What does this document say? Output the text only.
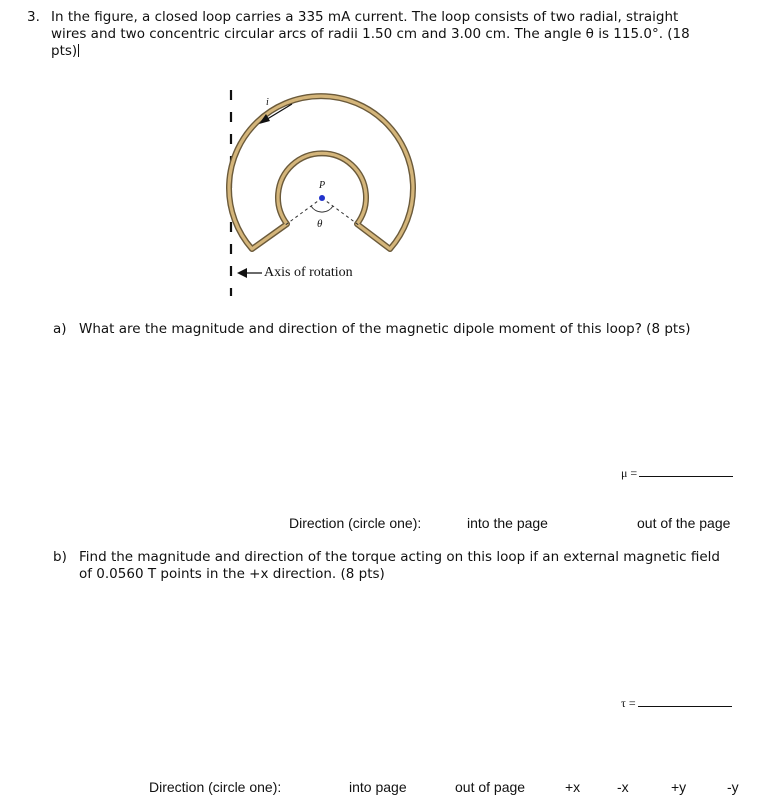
3. In the figure, a closed loop carries a 335 mA current. The loop consists of two radial, straight
wires and two concentric circular arcs of radii 1.50 cm and 3.00 cm. The angle θ is 115.0°. (18
pts)
i
P
θ
Axis of rotation
a) What are the magnitude and direction of the magnetic dipole moment of this loop? (8 pts)
μ =
Direction (circle one):	into the page	out of the page
b) Find the magnitude and direction of the torque acting on this loop if an external magnetic field
of 0.0560 T points in the +x direction. (8 pts)
τ =
Direction (circle one):	into page	out of page	+x	-x	+y	-y
